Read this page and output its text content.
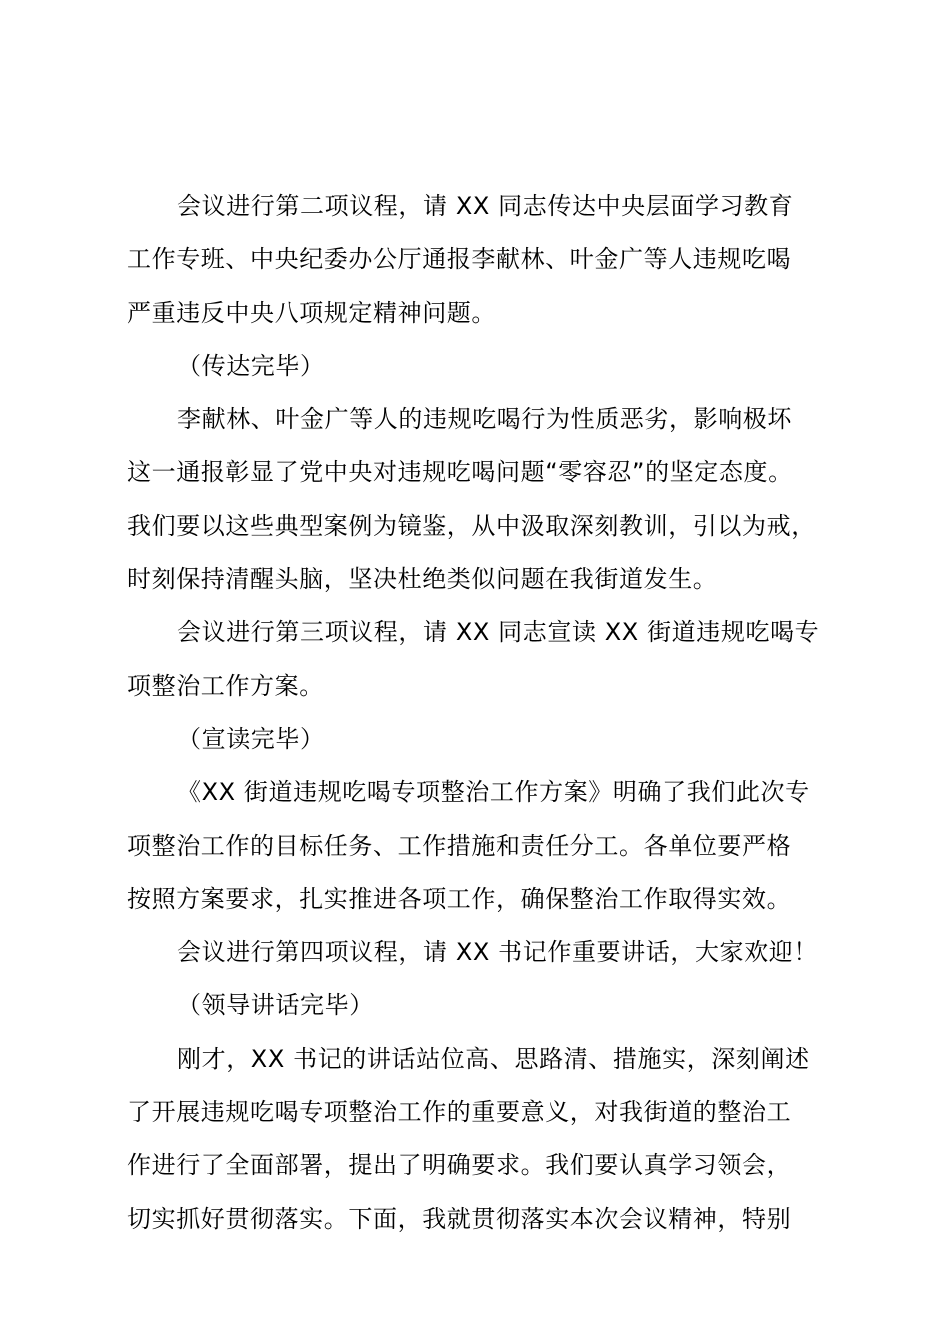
会议进行第二项议程，请 XX 同志传达中央层面学习教育
工作专班、中央纪委办公厅通报李献林、叶金广等人违规吃喝
严重违反中央八项规定精神问题。
（传达完毕）
李献林、叶金广等人的违规吃喝行为性质恶劣，影响极坏
这一通报彰显了党中央对违规吃喝问题“零容忍”的坚定态度。
我们要以这些典型案例为镜鉴，从中汲取深刻教训，引以为戒，
时刻保持清醒头脑，坚决杜绝类似问题在我街道发生。
会议进行第三项议程，请 XX 同志宣读 XX 街道违规吃喝专
项整治工作方案。
（宣读完毕）
《XX 街道违规吃喝专项整治工作方案》明确了我们此次专
项整治工作的目标任务、工作措施和责任分工。各单位要严格
按照方案要求，扎实推进各项工作，确保整治工作取得实效。
会议进行第四项议程，请 XX 书记作重要讲话，大家欢迎！
（领导讲话完毕）
刚才，XX 书记的讲话站位高、思路清、措施实，深刻阐述
了开展违规吃喝专项整治工作的重要意义，对我街道的整治工
作进行了全面部署，提出了明确要求。我们要认真学习领会，
切实抓好贯彻落实。下面，我就贯彻落实本次会议精神，特别
